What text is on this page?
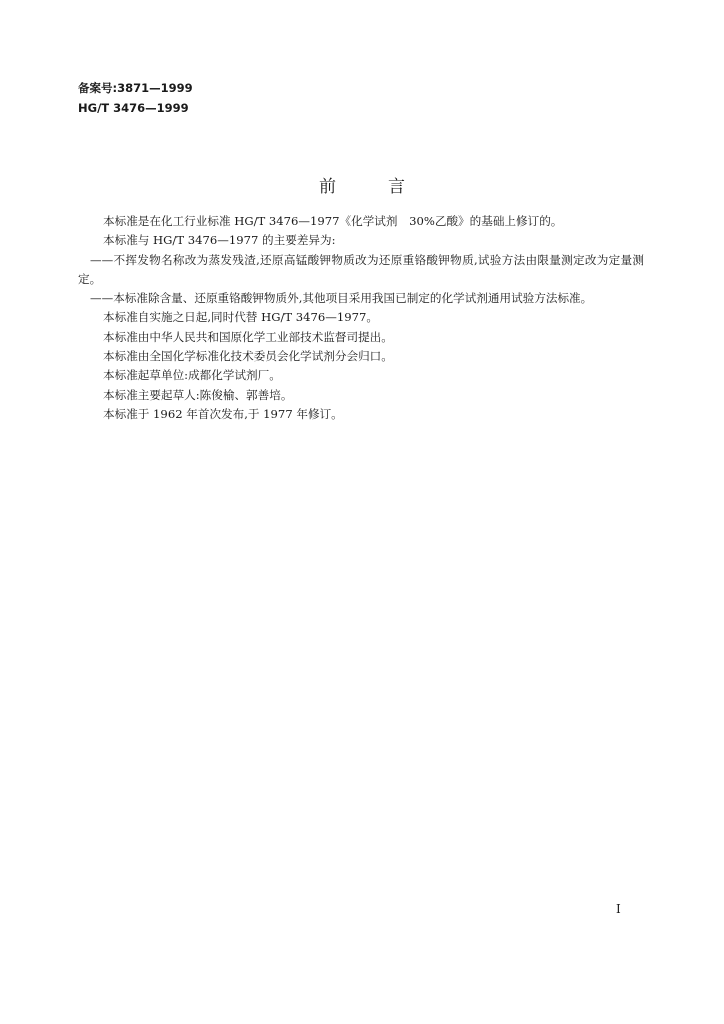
备案号:3871—1999
HG/T 3476—1999
前言

本标准是在化工行业标准 HG/T 3476—1977《化学试剂　30%乙酸》的基础上修订的。

本标准与 HG/T 3476—1977 的主要差异为:

——不挥发物名称改为蒸发残渣,还原高锰酸钾物质改为还原重铬酸钾物质,试验方法由限量测定改为定量测定。

——本标准除含量、还原重铬酸钾物质外,其他项目采用我国已制定的化学试剂通用试验方法标准。

本标准自实施之日起,同时代替 HG/T 3476—1977。

本标准由中华人民共和国原化学工业部技术监督司提出。

本标准由全国化学标准化技术委员会化学试剂分会归口。

本标准起草单位:成都化学试剂厂。

本标准主要起草人:陈俊榆、郭善培。

本标准于 1962 年首次发布,于 1977 年修订。

I
